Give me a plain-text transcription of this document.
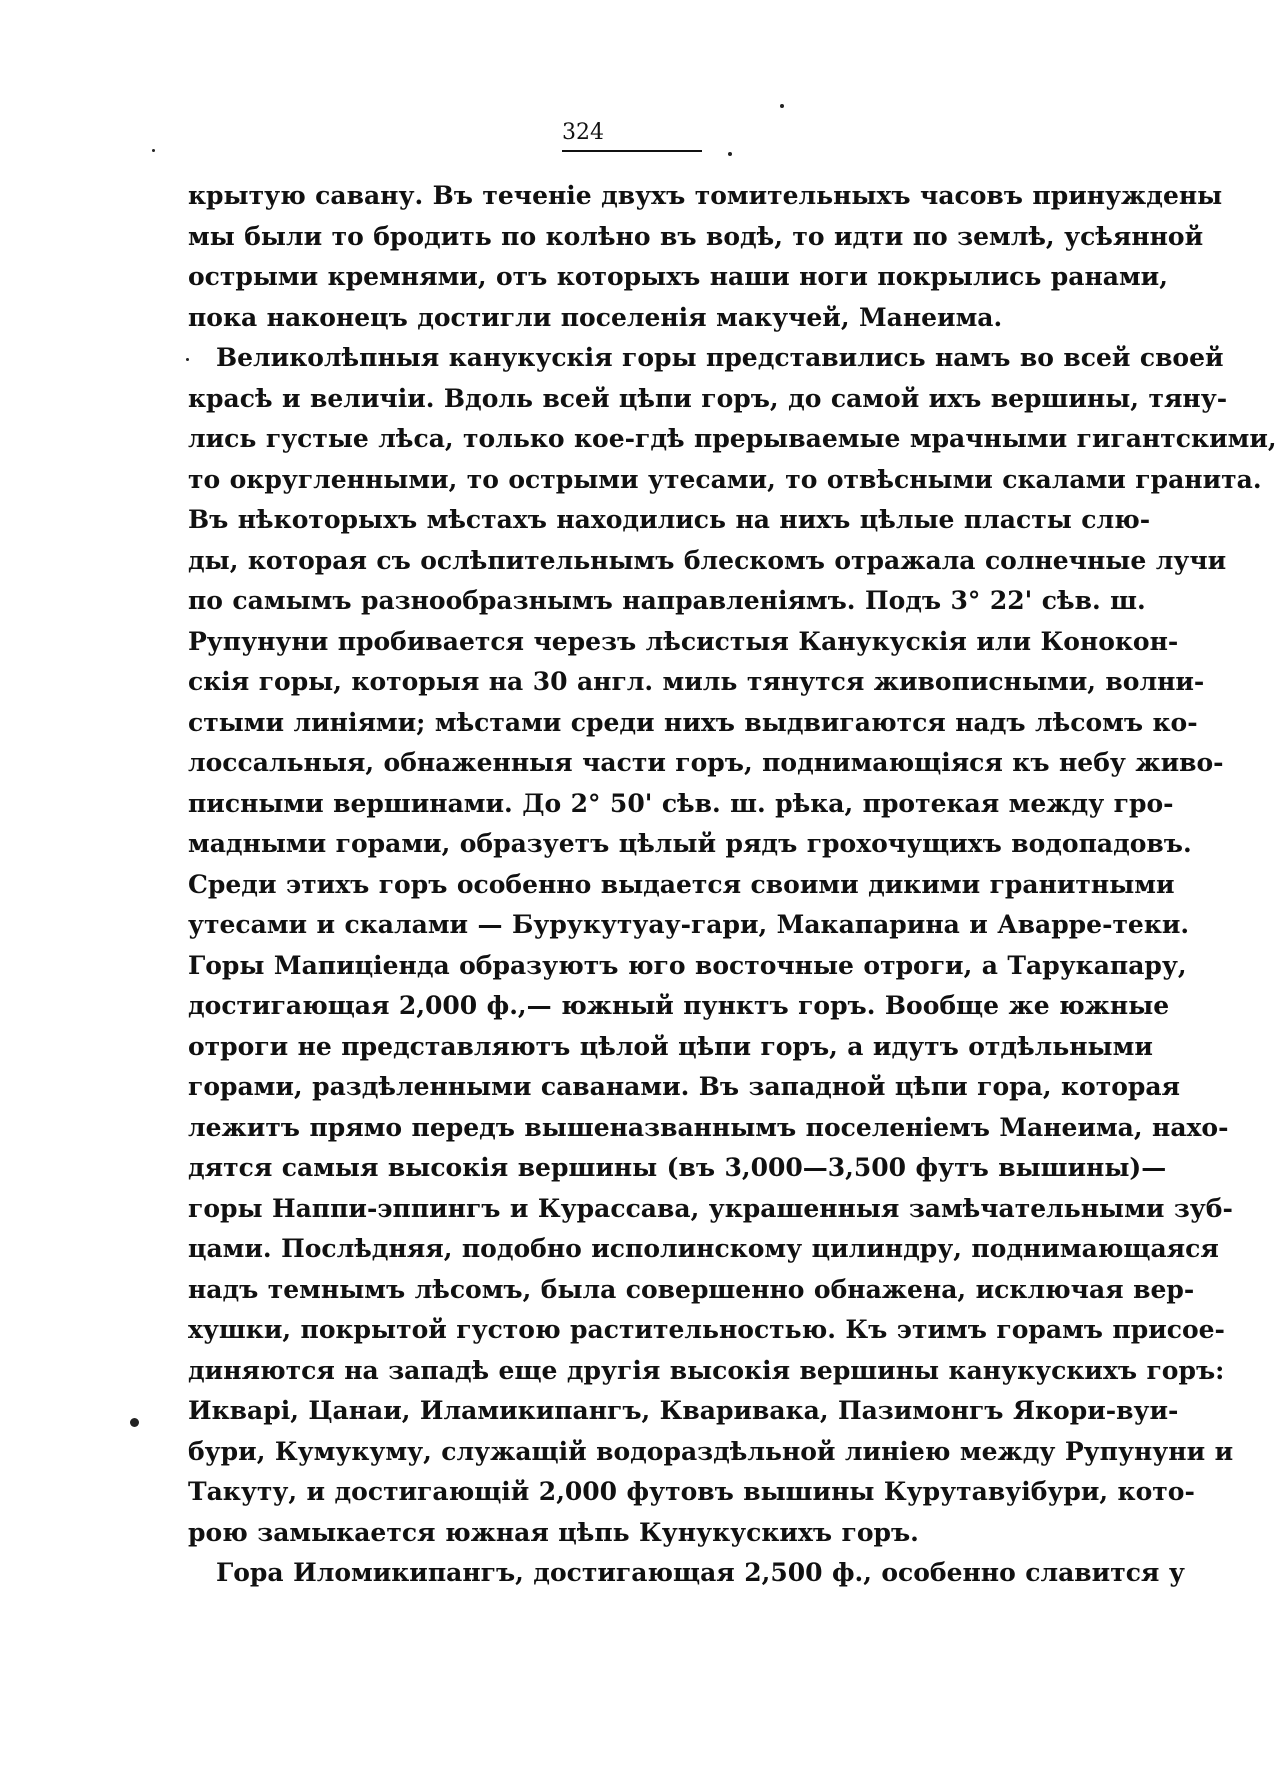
324
крытую савану. Въ теченіе двухъ томительныхъ часовъ принуждены
мы были то бродить по колѣно въ водѣ, то идти по землѣ, усѣянной
острыми кремнями, отъ которыхъ наши ноги покрылись ранами,
пока наконецъ достигли поселенія макучей, Манеима.
Великолѣпныя канукускія горы представились намъ во всей своей
красѣ и величіи. Вдоль всей цѣпи горъ, до самой ихъ вершины, тяну-
лись густые лѣса, только кое-гдѣ прерываемые мрачными гигантскими,
то округленными, то острыми утесами, то отвѣсными скалами гранита.
Въ нѣкоторыхъ мѣстахъ находились на нихъ цѣлые пласты слю-
ды, которая съ ослѣпительнымъ блескомъ отражала солнечные лучи
по самымъ разнообразнымъ направленіямъ. Подъ 3° 22' сѣв. ш.
Рупунуни пробивается черезъ лѣсистыя Канукускія или Конокон-
скія горы, которыя на 30 англ. миль тянутся живописными, волни-
стыми линіями; мѣстами среди нихъ выдвигаются надъ лѣсомъ ко-
лоссальныя, обнаженныя части горъ, поднимающіяся къ небу живо-
писными вершинами. До 2° 50' сѣв. ш. рѣка, протекая между гро-
мадными горами, образуетъ цѣлый рядъ грохочущихъ водопадовъ.
Среди этихъ горъ особенно выдается своими дикими гранитными
утесами и скалами — Бурукутуау-гари, Макапарина и Аварре-теки.
Горы Мапиціенда образуютъ юго восточные отроги, а Тарукапару,
достигающая 2,000 ф.,— южный пунктъ горъ. Вообще же южные
отроги не представляютъ цѣлой цѣпи горъ, а идутъ отдѣльными
горами, раздѣленными саванами. Въ западной цѣпи гора, которая
лежитъ прямо передъ вышеназваннымъ поселеніемъ Манеима, нахо-
дятся самыя высокія вершины (въ 3,000—3,500 футъ вышины)—
горы Наппи-эппингъ и Курассава, украшенныя замѣчательными зуб-
цами. Послѣдняя, подобно исполинскому цилиндру, поднимающаяся
надъ темнымъ лѣсомъ, была совершенно обнажена, исключая вер-
хушки, покрытой густою растительностью. Къ этимъ горамъ присое-
диняются на западѣ еще другія высокія вершины канукускихъ горъ:
Икварі, Цанаи, Иламикипангъ, Кваривака, Пазимонгъ Якори-вуи-
бури, Кумукуму, служащій водораздѣльной линіею между Рупунуни и
Такуту, и достигающій 2,000 футовъ вышины Курутавуібури, кото-
рою замыкается южная цѣпь Кунукускихъ горъ.
Гора Иломикипангъ, достигающая 2,500 ф., особенно славится у
